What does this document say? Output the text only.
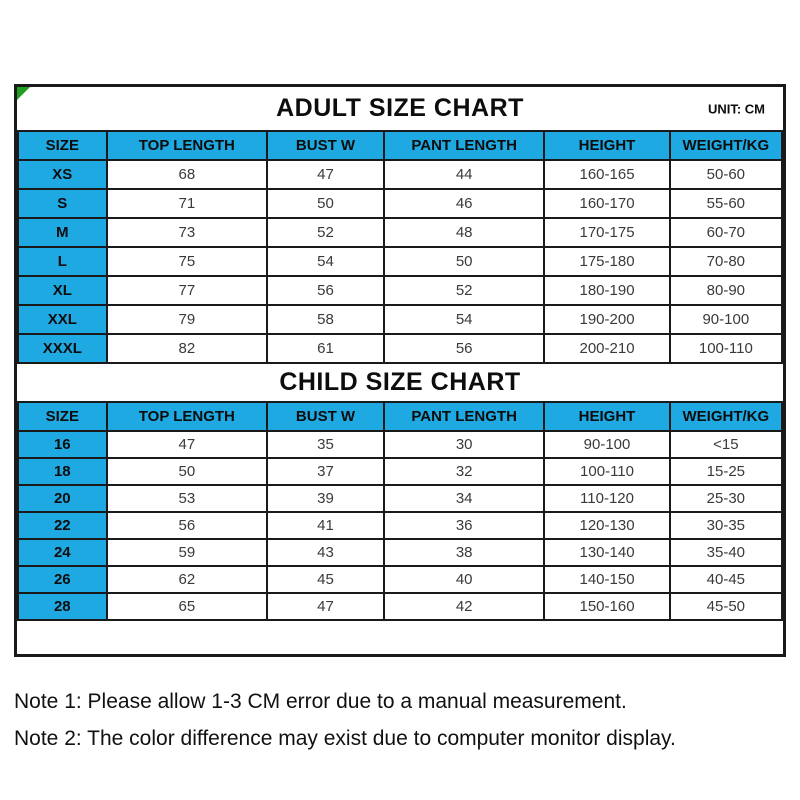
ADULT SIZE CHART	UNIT: CM
SIZE	TOP LENGTH	BUST W	PANT LENGTH	HEIGHT	WEIGHT/KG
XS	68	47	44	160-165	50-60
S	71	50	46	160-170	55-60
M	73	52	48	170-175	60-70
L	75	54	50	175-180	70-80
XL	77	56	52	180-190	80-90
XXL	79	58	54	190-200	90-100
XXXL	82	61	56	200-210	100-110
CHILD SIZE CHART
SIZE	TOP LENGTH	BUST W	PANT LENGTH	HEIGHT	WEIGHT/KG
16	47	35	30	90-100	<15
18	50	37	32	100-110	15-25
20	53	39	34	110-120	25-30
22	56	41	36	120-130	30-35
24	59	43	38	130-140	35-40
26	62	45	40	140-150	40-45
28	65	47	42	150-160	45-50

Note 1: Please allow 1-3 CM error due to a manual measurement.

Note 2: The color difference may exist due to computer monitor display.
